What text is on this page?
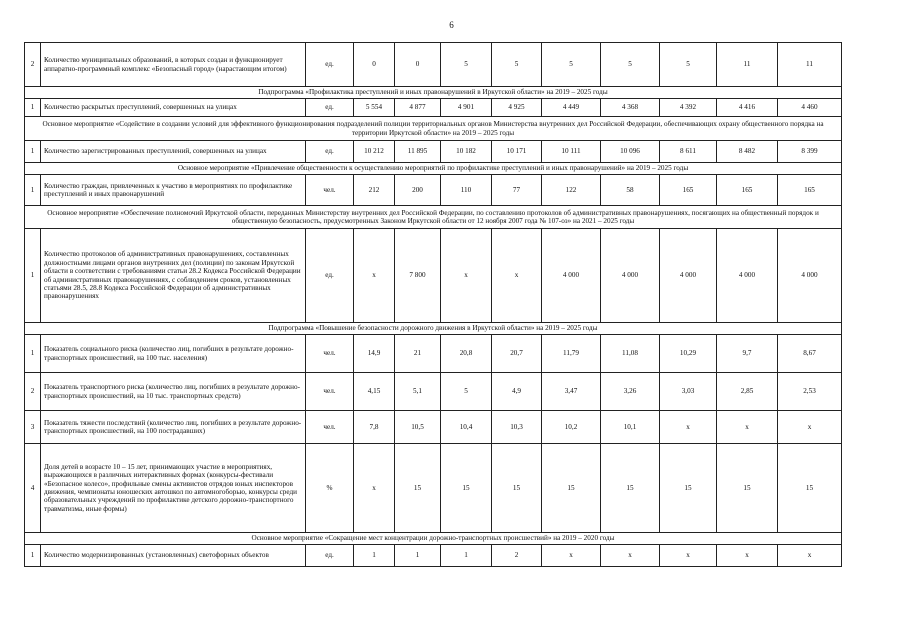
6
2	Количество муниципальных образований, в которых создан и функционирует аппаратно-программный комплекс «Безопасный город» (нарастающим итогом)	ед.	0	0	5	5	5	5	5	11	11
Подпрограмма «Профилактика преступлений и иных правонарушений в Иркутской области» на 2019 – 2025 годы											
1	Количество раскрытых преступлений, совершенных на улицах	ед.	5 554	4 877	4 901	4 925	4 449	4 368	4 392	4 416	4 460
Основное мероприятие «Содействие в создании условий для эффективного функционирования подразделений полиции территориальных органов Министерства внутренних дел Российской Федерации, обеспечивающих охрану общественного порядка на территории Иркутской области» на 2019 – 2025 годы											
1	Количество зарегистрированных преступлений, совершенных на улицах	ед.	10 212	11 895	10 182	10 171	10 111	10 096	8 611	8 482	8 399
Основное мероприятие «Привлечение общественности к осуществлению мероприятий по профилактике преступлений и иных правонарушений» на 2019 – 2025 годы											
1	Количество граждан, привлеченных к участию в мероприятиях по профилактике преступлений и иных правонарушений	чел.	212	200	110	77	122	58	165	165	165
Основное мероприятие «Обеспечение полномочий Иркутской области, переданных Министерству внутренних дел Российской Федерации, по составлению протоколов об административных правонарушениях, посягающих на общественный порядок и общественную безопасность, предусмотренных Законом Иркутской области от 12 ноября 2007 года № 107-оз» на 2021 – 2025 годы											
1	Количество протоколов об административных правонарушениях, составленных должностными лицами органов внутренних дел (полиции) по законам Иркутской области в соответствии с требованиями статьи 28.2 Кодекса Российской Федерации об административных правонарушениях, с соблюдением сроков, установленных статьями 28.5, 28.8 Кодекса Российской Федерации об административных правонарушениях	ед.	x	7 800	x	x	4 000	4 000	4 000	4 000	4 000
Подпрограмма «Повышение безопасности дорожного движения в Иркутской области» на 2019 – 2025 годы											
1	Показатель социального риска (количество лиц, погибших в результате дорожно-транспортных происшествий, на 100 тыс. населения)	чел.	14,9	21	20,8	20,7	11,79	11,08	10,29	9,7	8,67
2	Показатель транспортного риска (количество лиц, погибших в результате дорожно-транспортных происшествий, на 10 тыс. транспортных средств)	чел.	4,15	5,1	5	4,9	3,47	3,26	3,03	2,85	2,53
3	Показатель тяжести последствий (количество лиц, погибших в результате дорожно-транспортных происшествий, на 100 пострадавших)	чел.	7,8	10,5	10,4	10,3	10,2	10,1	x	x	x
4	Доля детей в возрасте 10 – 15 лет, принимающих участие в мероприятиях, выражающихся в различных интерактивных формах (конкурсы-фестивали «Безопасное колесо», профильные смены активистов отрядов юных инспекторов движения, чемпионаты юношеских автошкол по автомногоборью, конкурсы среди образовательных учреждений по профилактике детского дорожно-транспортного травматизма, иные формы)	%	x	15	15	15	15	15	15	15	15
Основное мероприятие «Сокращение мест концентрации дорожно-транспортных происшествий» на 2019 – 2020 годы											
1	Количество модернизированных (установленных) светофорных объектов	ед.	1	1	1	2	x	x	x	x	x
